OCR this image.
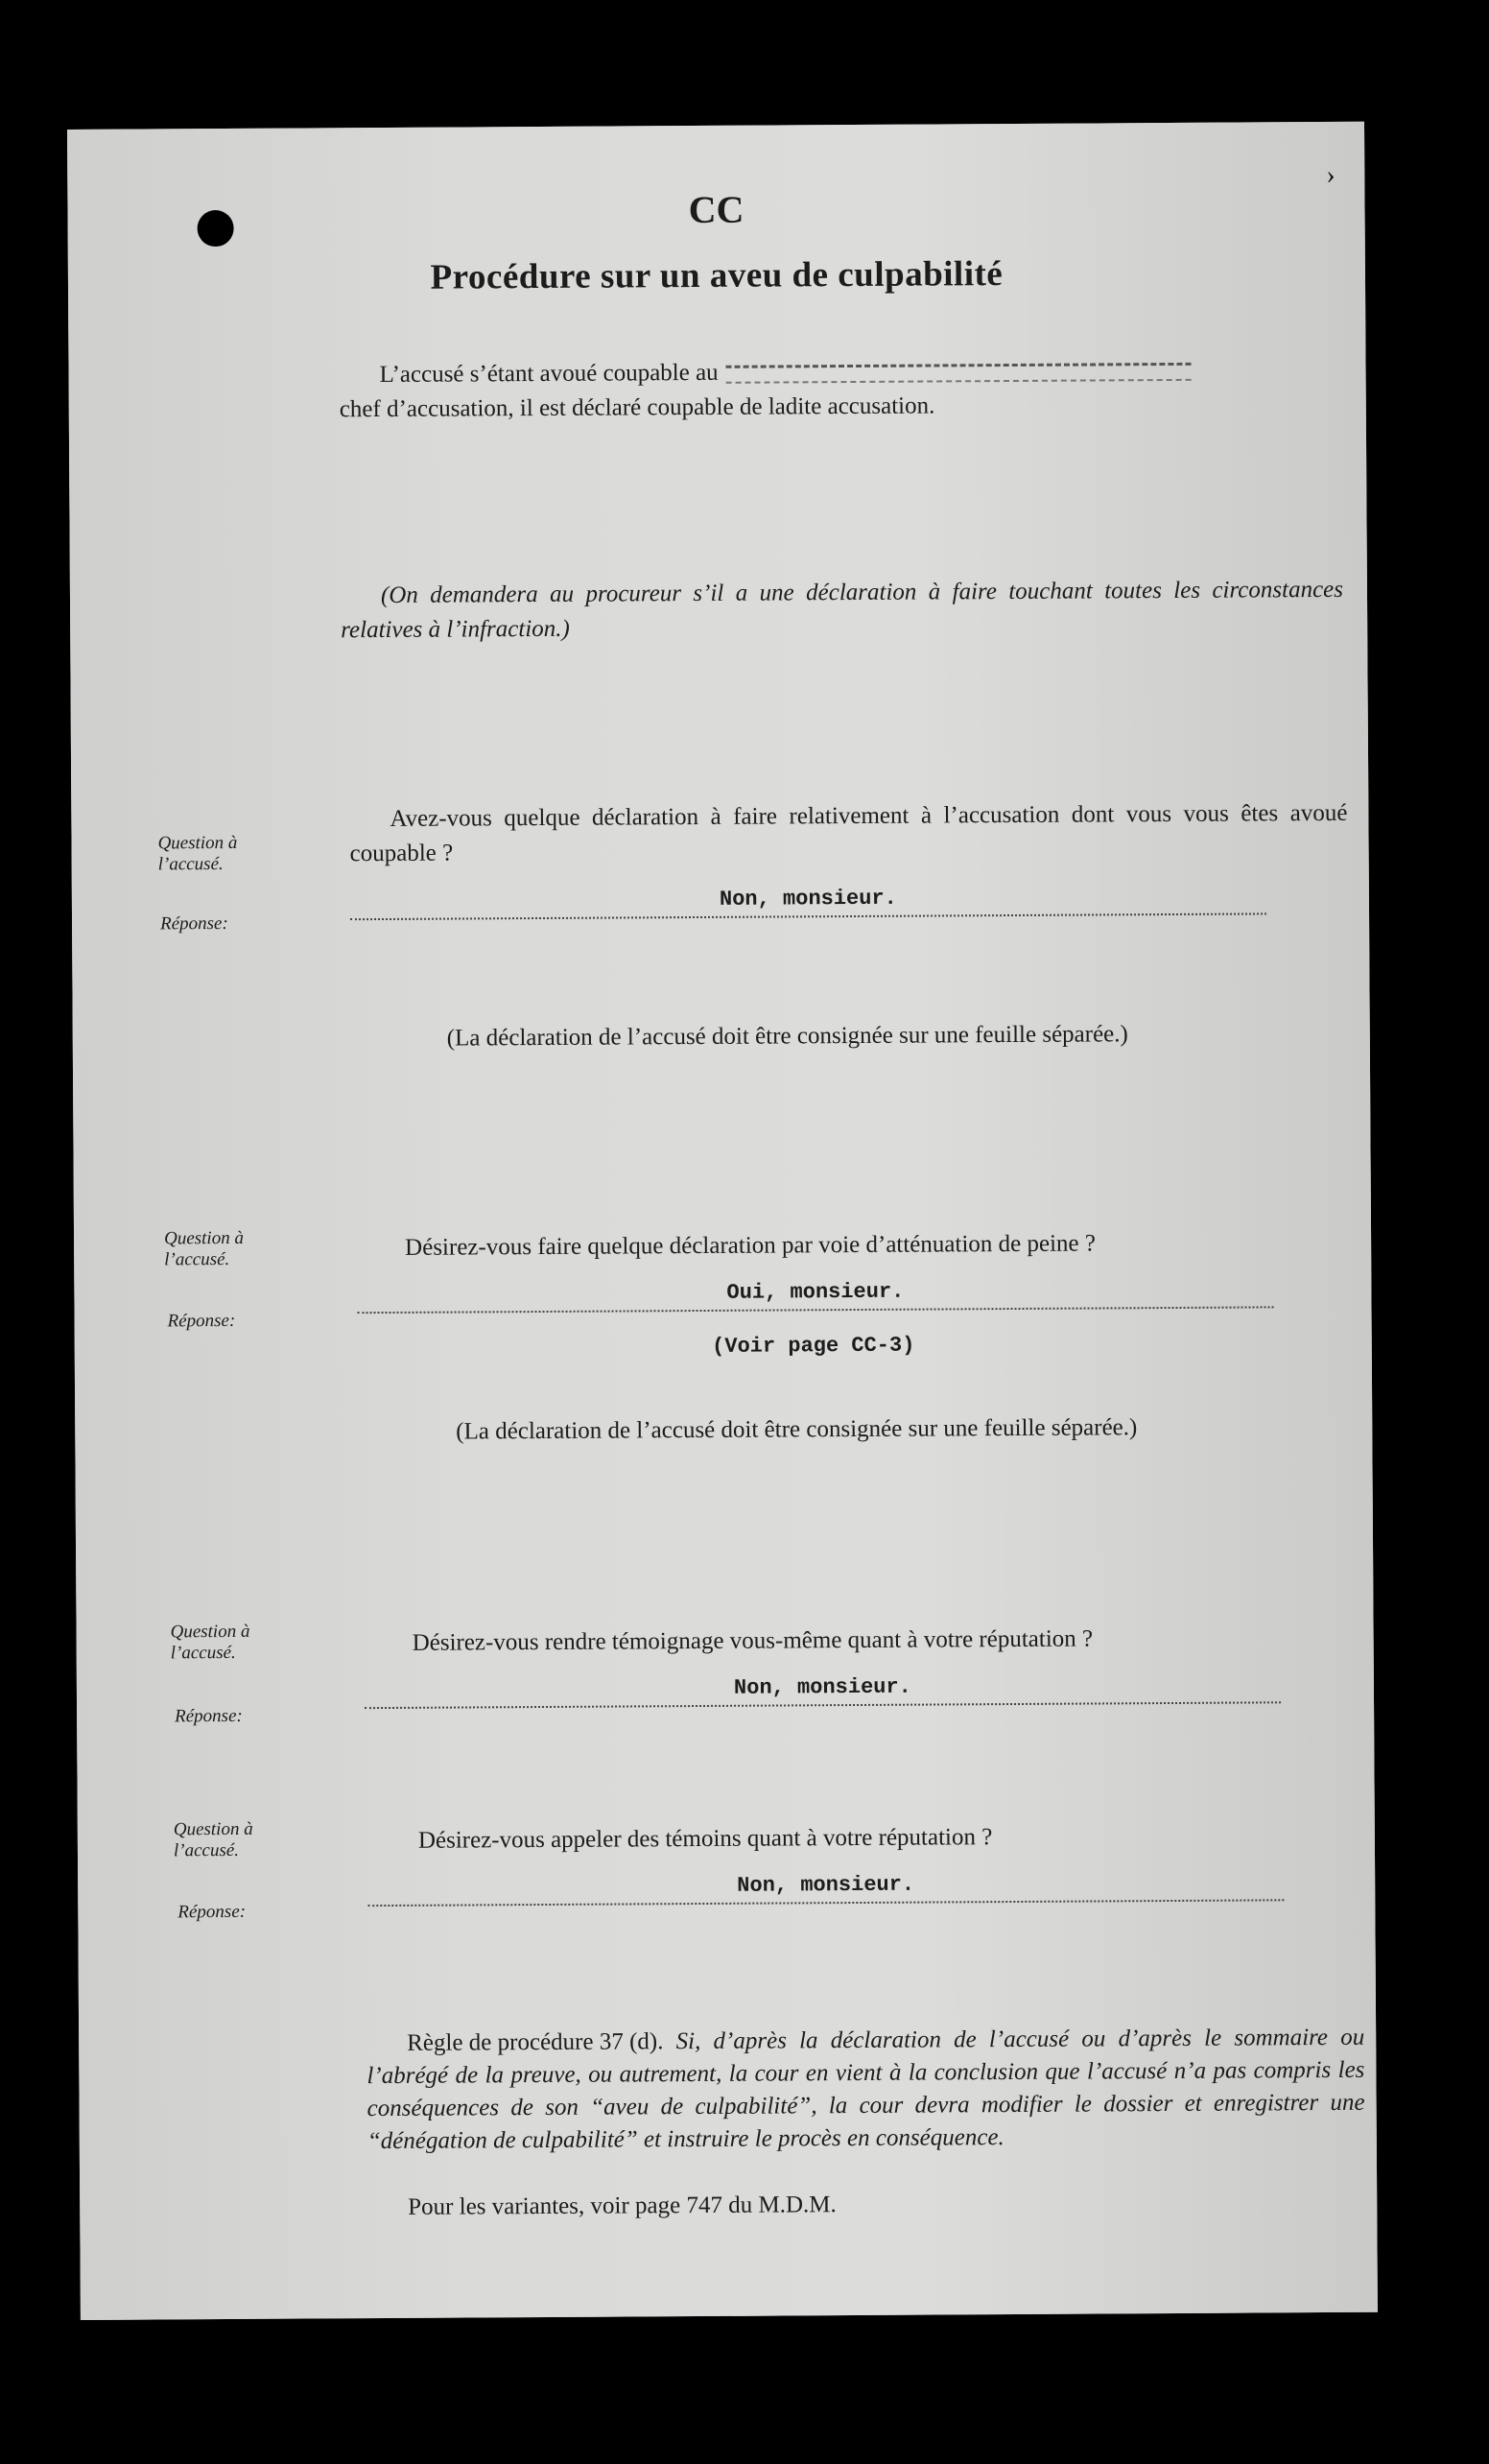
›
CC
Procédure sur un aveu de culpabilité
L’accusé s’étant avoué coupable au
chef d’accusation, il est déclaré coupable de ladite accusation.
(On demandera au procureur s’il a une déclaration à faire touchant toutes les circonstances relatives à l’infraction.)
Question à l’accusé.
Avez-vous quelque déclaration à faire relativement à l’accusation dont vous vous êtes avoué coupable ?
Réponse:
Non, monsieur.
(La déclaration de l’accusé doit être consignée sur une feuille séparée.)
Question à l’accusé.	Désirez-vous faire quelque déclaration par voie d’atténuation de peine ?
Réponse:
Oui, monsieur.
(Voir page CC-3)
(La déclaration de l’accusé doit être consignée sur une feuille séparée.)
Question à l’accusé.	Désirez-vous rendre témoignage vous-même quant à votre réputation ?
Réponse:
Non, monsieur.
Question à l’accusé.	Désirez-vous appeler des témoins quant à votre réputation ?
Réponse:
Non, monsieur.
Règle de procédure 37 (d). Si, d’après la déclaration de l’accusé ou d’après le sommaire ou l’abrégé de la preuve, ou autrement, la cour en vient à la conclusion que l’accusé n’a pas compris les conséquences de son “aveu de culpabilité”, la cour devra modifier le dossier et enregistrer une “dénégation de culpabilité” et instruire le procès en conséquence.
Pour les variantes, voir page 747 du M.D.M.
